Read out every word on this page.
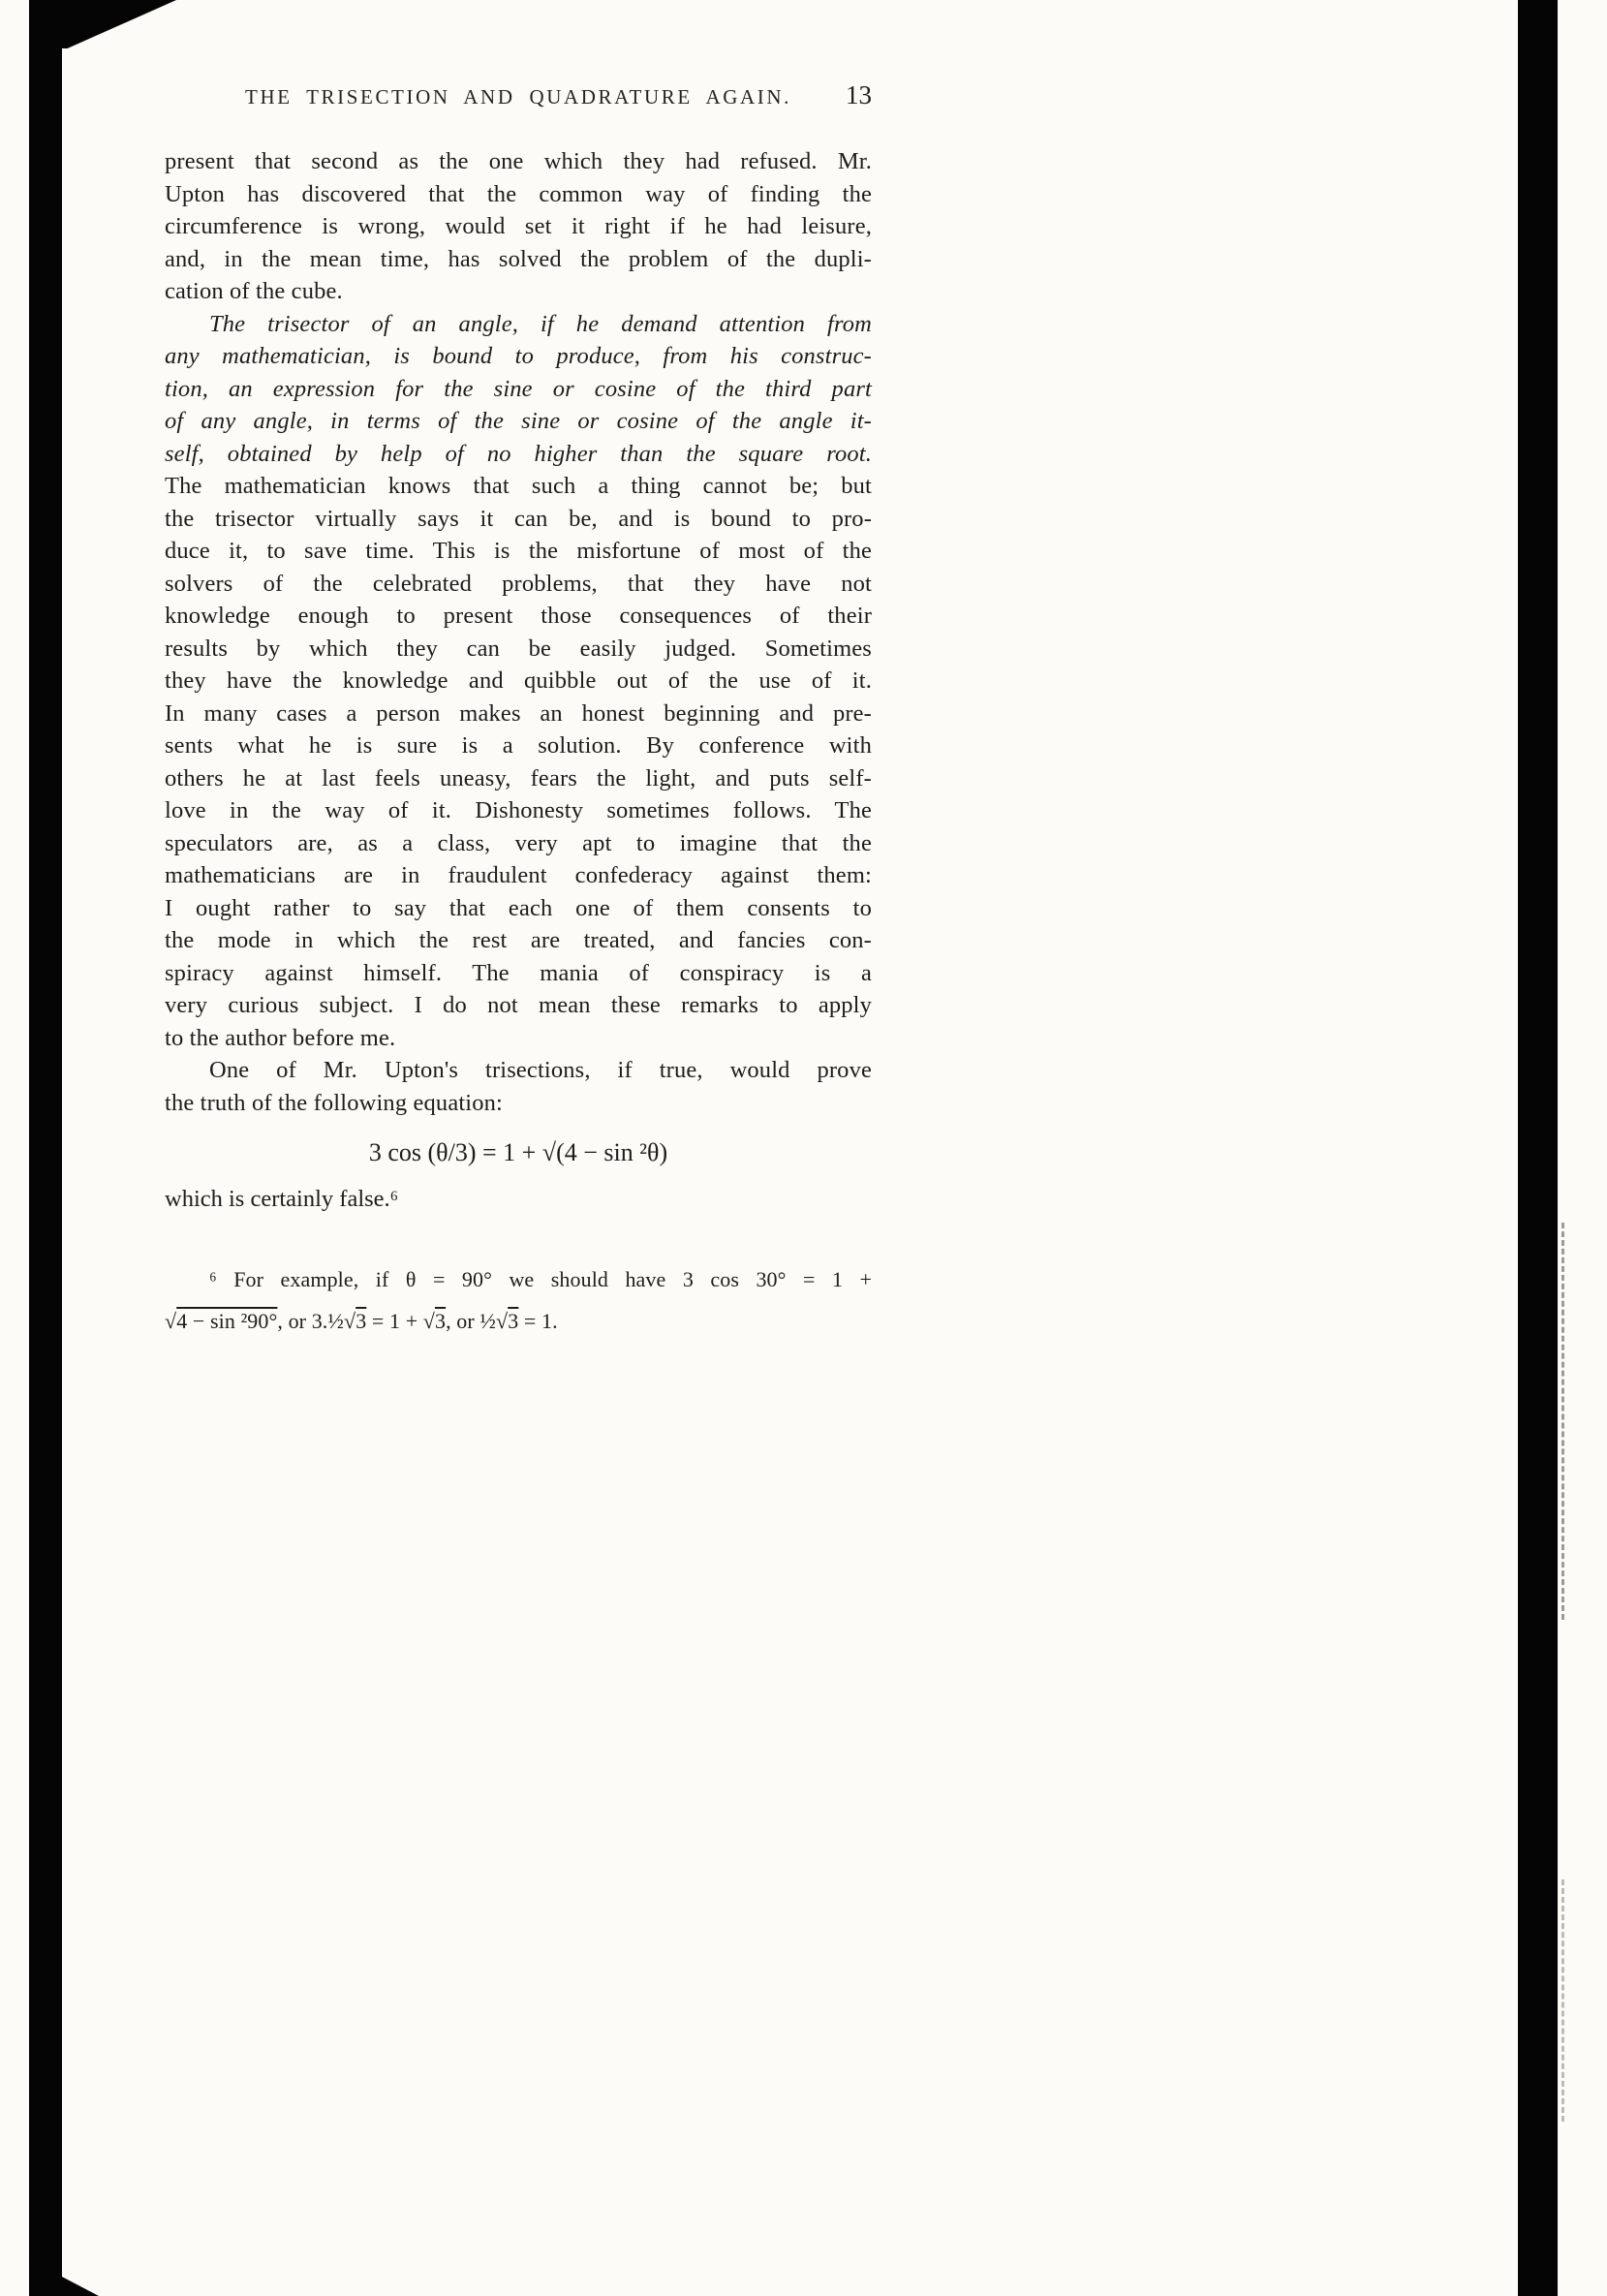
THE TRISECTION AND QUADRATURE AGAIN.	13
present that second as the one which they had refused. Mr.
Upton has discovered that the common way of finding the
circumference is wrong, would set it right if he had leisure,
and, in the mean time, has solved the problem of the dupli-
cation of the cube.
The trisector of an angle, if he demand attention from
any mathematician, is bound to produce, from his construc-
tion, an expression for the sine or cosine of the third part
of any angle, in terms of the sine or cosine of the angle it-
self, obtained by help of no higher than the square root.
The mathematician knows that such a thing cannot be; but
the trisector virtually says it can be, and is bound to pro-
duce it, to save time. This is the misfortune of most of the
solvers of the celebrated problems, that they have not
knowledge enough to present those consequences of their
results by which they can be easily judged. Sometimes
they have the knowledge and quibble out of the use of it.
In many cases a person makes an honest beginning and pre-
sents what he is sure is a solution. By conference with
others he at last feels uneasy, fears the light, and puts self-
love in the way of it. Dishonesty sometimes follows. The
speculators are, as a class, very apt to imagine that the
mathematicians are in fraudulent confederacy against them:
I ought rather to say that each one of them consents to
the mode in which the rest are treated, and fancies con-
spiracy against himself. The mania of conspiracy is a
very curious subject. I do not mean these remarks to apply
to the author before me.
One of Mr. Upton's trisections, if true, would prove
the truth of the following equation:
3 cos (θ/3) = 1 + √(4 − sin ²θ)
which is certainly false.⁶
⁶ For example, if θ = 90° we should have 3 cos 30° = 1 +
√4 − sin ²90°, or 3.½√3 = 1 + √3, or ½√3 = 1.
